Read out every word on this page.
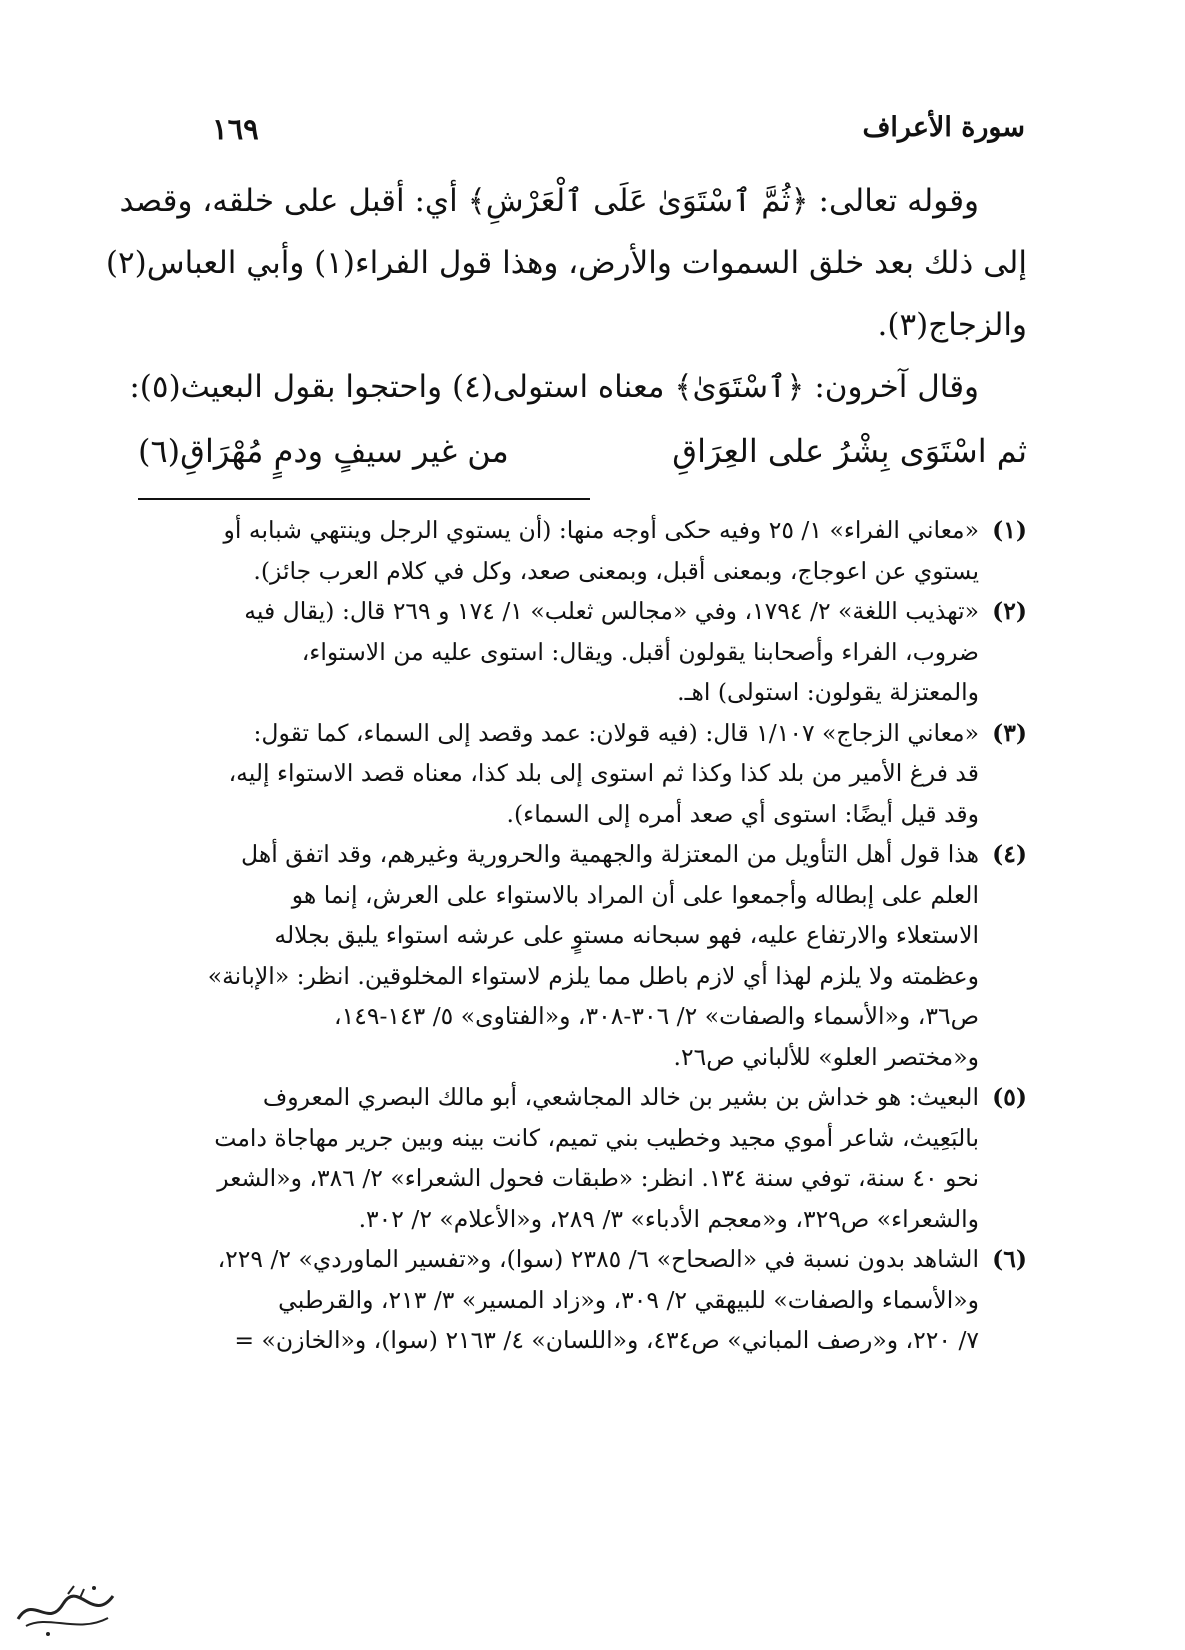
سورة الأعراف
١٦٩
وقوله تعالى: ﴿ثُمَّ ٱسْتَوَىٰ عَلَى ٱلْعَرْشِ﴾ أي: أقبل على خلقه، وقصد
إلى ذلك بعد خلق السموات والأرض، وهذا قول الفراء(١) وأبي العباس(٢)
والزجاج(٣).
وقال آخرون: ﴿ٱسْتَوَىٰ﴾ معناه استولى(٤) واحتجوا بقول البعيث(٥):
ثم اسْتَوَى بِشْرُ على العِرَاقِ
من غير سيفٍ ودمٍ مُهْرَاقِ(٦)
(١)
«معاني الفراء» ١/ ٢٥ وفيه حكى أوجه منها: (أن يستوي الرجل وينتهي شبابه أو
يستوي عن اعوجاج، وبمعنى أقبل، وبمعنى صعد، وكل في كلام العرب جائز).
(٢)
«تهذيب اللغة» ٢/ ١٧٩٤، وفي «مجالس ثعلب» ١/ ١٧٤ و ٢٦٩ قال: (يقال فيه
ضروب، الفراء وأصحابنا يقولون أقبل. ويقال: استوى عليه من الاستواء،
والمعتزلة يقولون: استولى) اهـ.
(٣)
«معاني الزجاج» ١/١٠٧ قال: (فيه قولان: عمد وقصد إلى السماء، كما تقول:
قد فرغ الأمير من بلد كذا وكذا ثم استوى إلى بلد كذا، معناه قصد الاستواء إليه،
وقد قيل أيضًا: استوى أي صعد أمره إلى السماء).
(٤)
هذا قول أهل التأويل من المعتزلة والجهمية والحرورية وغيرهم، وقد اتفق أهل
العلم على إبطاله وأجمعوا على أن المراد بالاستواء على العرش، إنما هو
الاستعلاء والارتفاع عليه، فهو سبحانه مستوٍ على عرشه استواء يليق بجلاله
وعظمته ولا يلزم لهذا أي لازم باطل مما يلزم لاستواء المخلوقين. انظر: «الإبانة»
ص٣٦، و«الأسماء والصفات» ٢/ ٣٠٦-٣٠٨، و«الفتاوى» ٥/ ١٤٣-١٤٩،
و«مختصر العلو» للألباني ص٢٦.
(٥)
البعيث: هو خداش بن بشير بن خالد المجاشعي، أبو مالك البصري المعروف
بالبَعِيث، شاعر أموي مجيد وخطيب بني تميم، كانت بينه وبين جرير مهاجاة دامت
نحو ٤٠ سنة، توفي سنة ١٣٤. انظر: «طبقات فحول الشعراء» ٢/ ٣٨٦، و«الشعر
والشعراء» ص٣٢٩، و«معجم الأدباء» ٣/ ٢٨٩، و«الأعلام» ٢/ ٣٠٢.
(٦)
الشاهد بدون نسبة في «الصحاح» ٦/ ٢٣٨٥ (سوا)، و«تفسير الماوردي» ٢/ ٢٢٩،
و«الأسماء والصفات» للبيهقي ٢/ ٣٠٩، و«زاد المسير» ٣/ ٢١٣، والقرطبي
٧/ ٢٢٠، و«رصف المباني» ص٤٣٤، و«اللسان» ٤/ ٢١٦٣ (سوا)، و«الخازن» =
